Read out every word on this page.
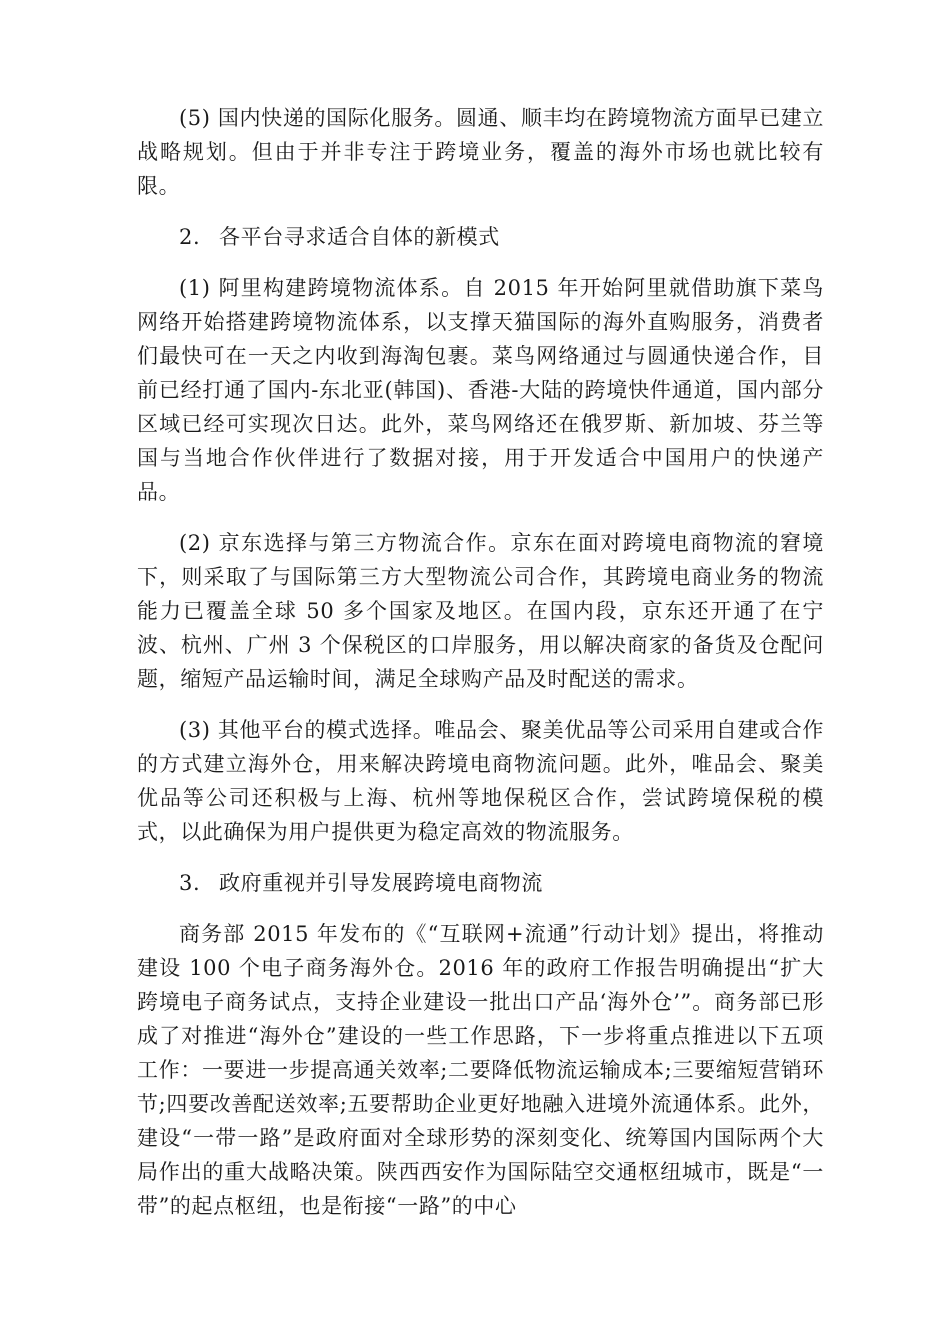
(5) 国内快递的国际化服务。圆通、顺丰均在跨境物流方面早已建立战略规划。但由于并非专注于跨境业务，覆盖的海外市场也就比较有限。

2. 各平台寻求适合自体的新模式

(1) 阿里构建跨境物流体系。自 2015 年开始阿里就借助旗下菜鸟网络开始搭建跨境物流体系，以支撑天猫国际的海外直购服务，消费者们最快可在一天之内收到海淘包裹。菜鸟网络通过与圆通快递合作，目前已经打通了国内-东北亚(韩国)、香港-大陆的跨境快件通道，国内部分区域已经可实现次日达。此外，菜鸟网络还在俄罗斯、新加坡、芬兰等国与当地合作伙伴进行了数据对接，用于开发适合中国用户的快递产品。

(2) 京东选择与第三方物流合作。京东在面对跨境电商物流的窘境下，则采取了与国际第三方大型物流公司合作，其跨境电商业务的物流能力已覆盖全球 50 多个国家及地区。在国内段，京东还开通了在宁波、杭州、广州 3 个保税区的口岸服务，用以解决商家的备货及仓配问题，缩短产品运输时间，满足全球购产品及时配送的需求。

(3) 其他平台的模式选择。唯品会、聚美优品等公司采用自建或合作的方式建立海外仓，用来解决跨境电商物流问题。此外，唯品会、聚美优品等公司还积极与上海、杭州等地保税区合作，尝试跨境保税的模式，以此确保为用户提供更为稳定高效的物流服务。

3. 政府重视并引导发展跨境电商物流

商务部 2015 年发布的《“互联网+流通”行动计划》提出，将推动建设 100 个电子商务海外仓。2016 年的政府工作报告明确提出“扩大跨境电子商务试点，支持企业建设一批出口产品‘海外仓’”。商务部已形成了对推进“海外仓”建设的一些工作思路，下一步将重点推进以下五项工作：一要进一步提高通关效率;二要降低物流运输成本;三要缩短营销环节;四要改善配送效率;五要帮助企业更好地融入进境外流通体系。此外，建设“一带一路”是政府面对全球形势的深刻变化、统筹国内国际两个大局作出的重大战略决策。陕西西安作为国际陆空交通枢纽城市，既是“一带”的起点枢纽，也是衔接“一路”的中心
